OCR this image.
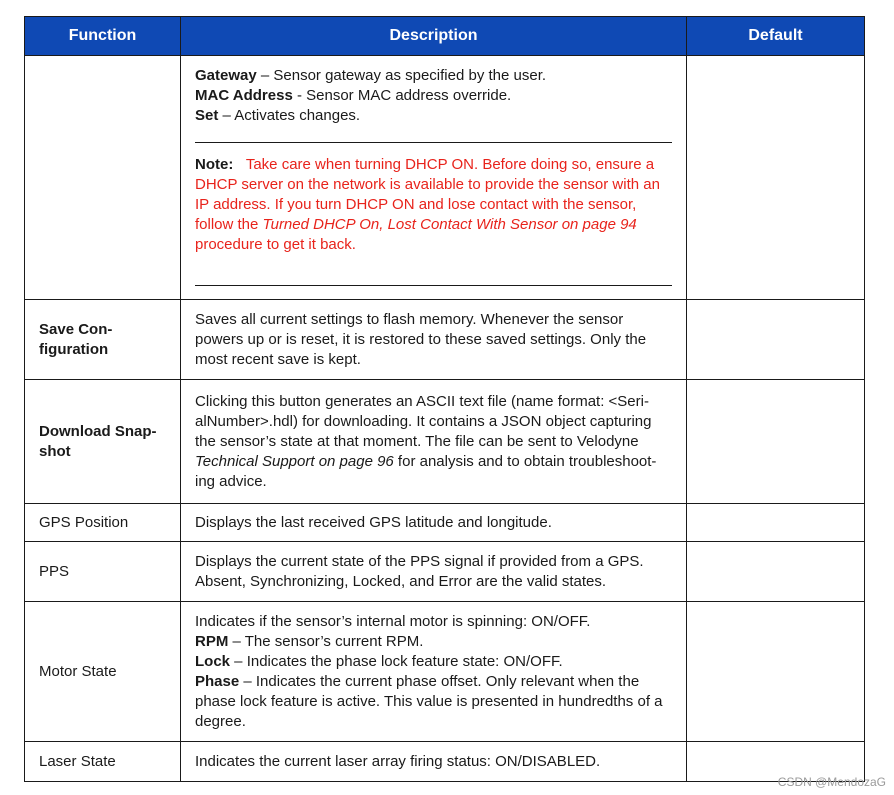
Function	Description	Default

	Gateway – Sensor gateway as specified by the user.
MAC Address - Sensor MAC address override.
Set – Activates changes.
Note: Take care when turning DHCP ON. Before doing so, ensure a DHCP server on the network is available to provide the sensor with an IP address. If you turn DHCP ON and lose contact with the sensor, follow the Turned DHCP On, Lost Contact With Sensor on page 94 procedure to get it back.	

Save Con-figuration	Saves all current settings to flash memory. Whenever the sensor powers up or is reset, it is restored to these saved settings. Only the most recent save is kept.	
Download Snap-shot	Clicking this button generates an ASCII text file (name format: <Seri-alNumber>.hdl) for downloading. It contains a JSON object capturing the sensor’s state at that moment. The file can be sent to Velodyne Technical Support on page 96 for analysis and to obtain troubleshoot-ing advice.	
GPS Position	Displays the last received GPS latitude and longitude.	
PPS	Displays the current state of the PPS signal if provided from a GPS. Absent, Synchronizing, Locked, and Error are the valid states.	
Motor State	Indicates if the sensor’s internal motor is spinning: ON/OFF.
RPM – The sensor’s current RPM.
Lock – Indicates the phase lock feature state: ON/OFF.
Phase – Indicates the current phase offset. Only relevant when the phase lock feature is active. This value is presented in hundredths of a degree.	

Laser State	Indicates the current laser array firing status: ON/DISABLED.	
CSDN @MendozaG
